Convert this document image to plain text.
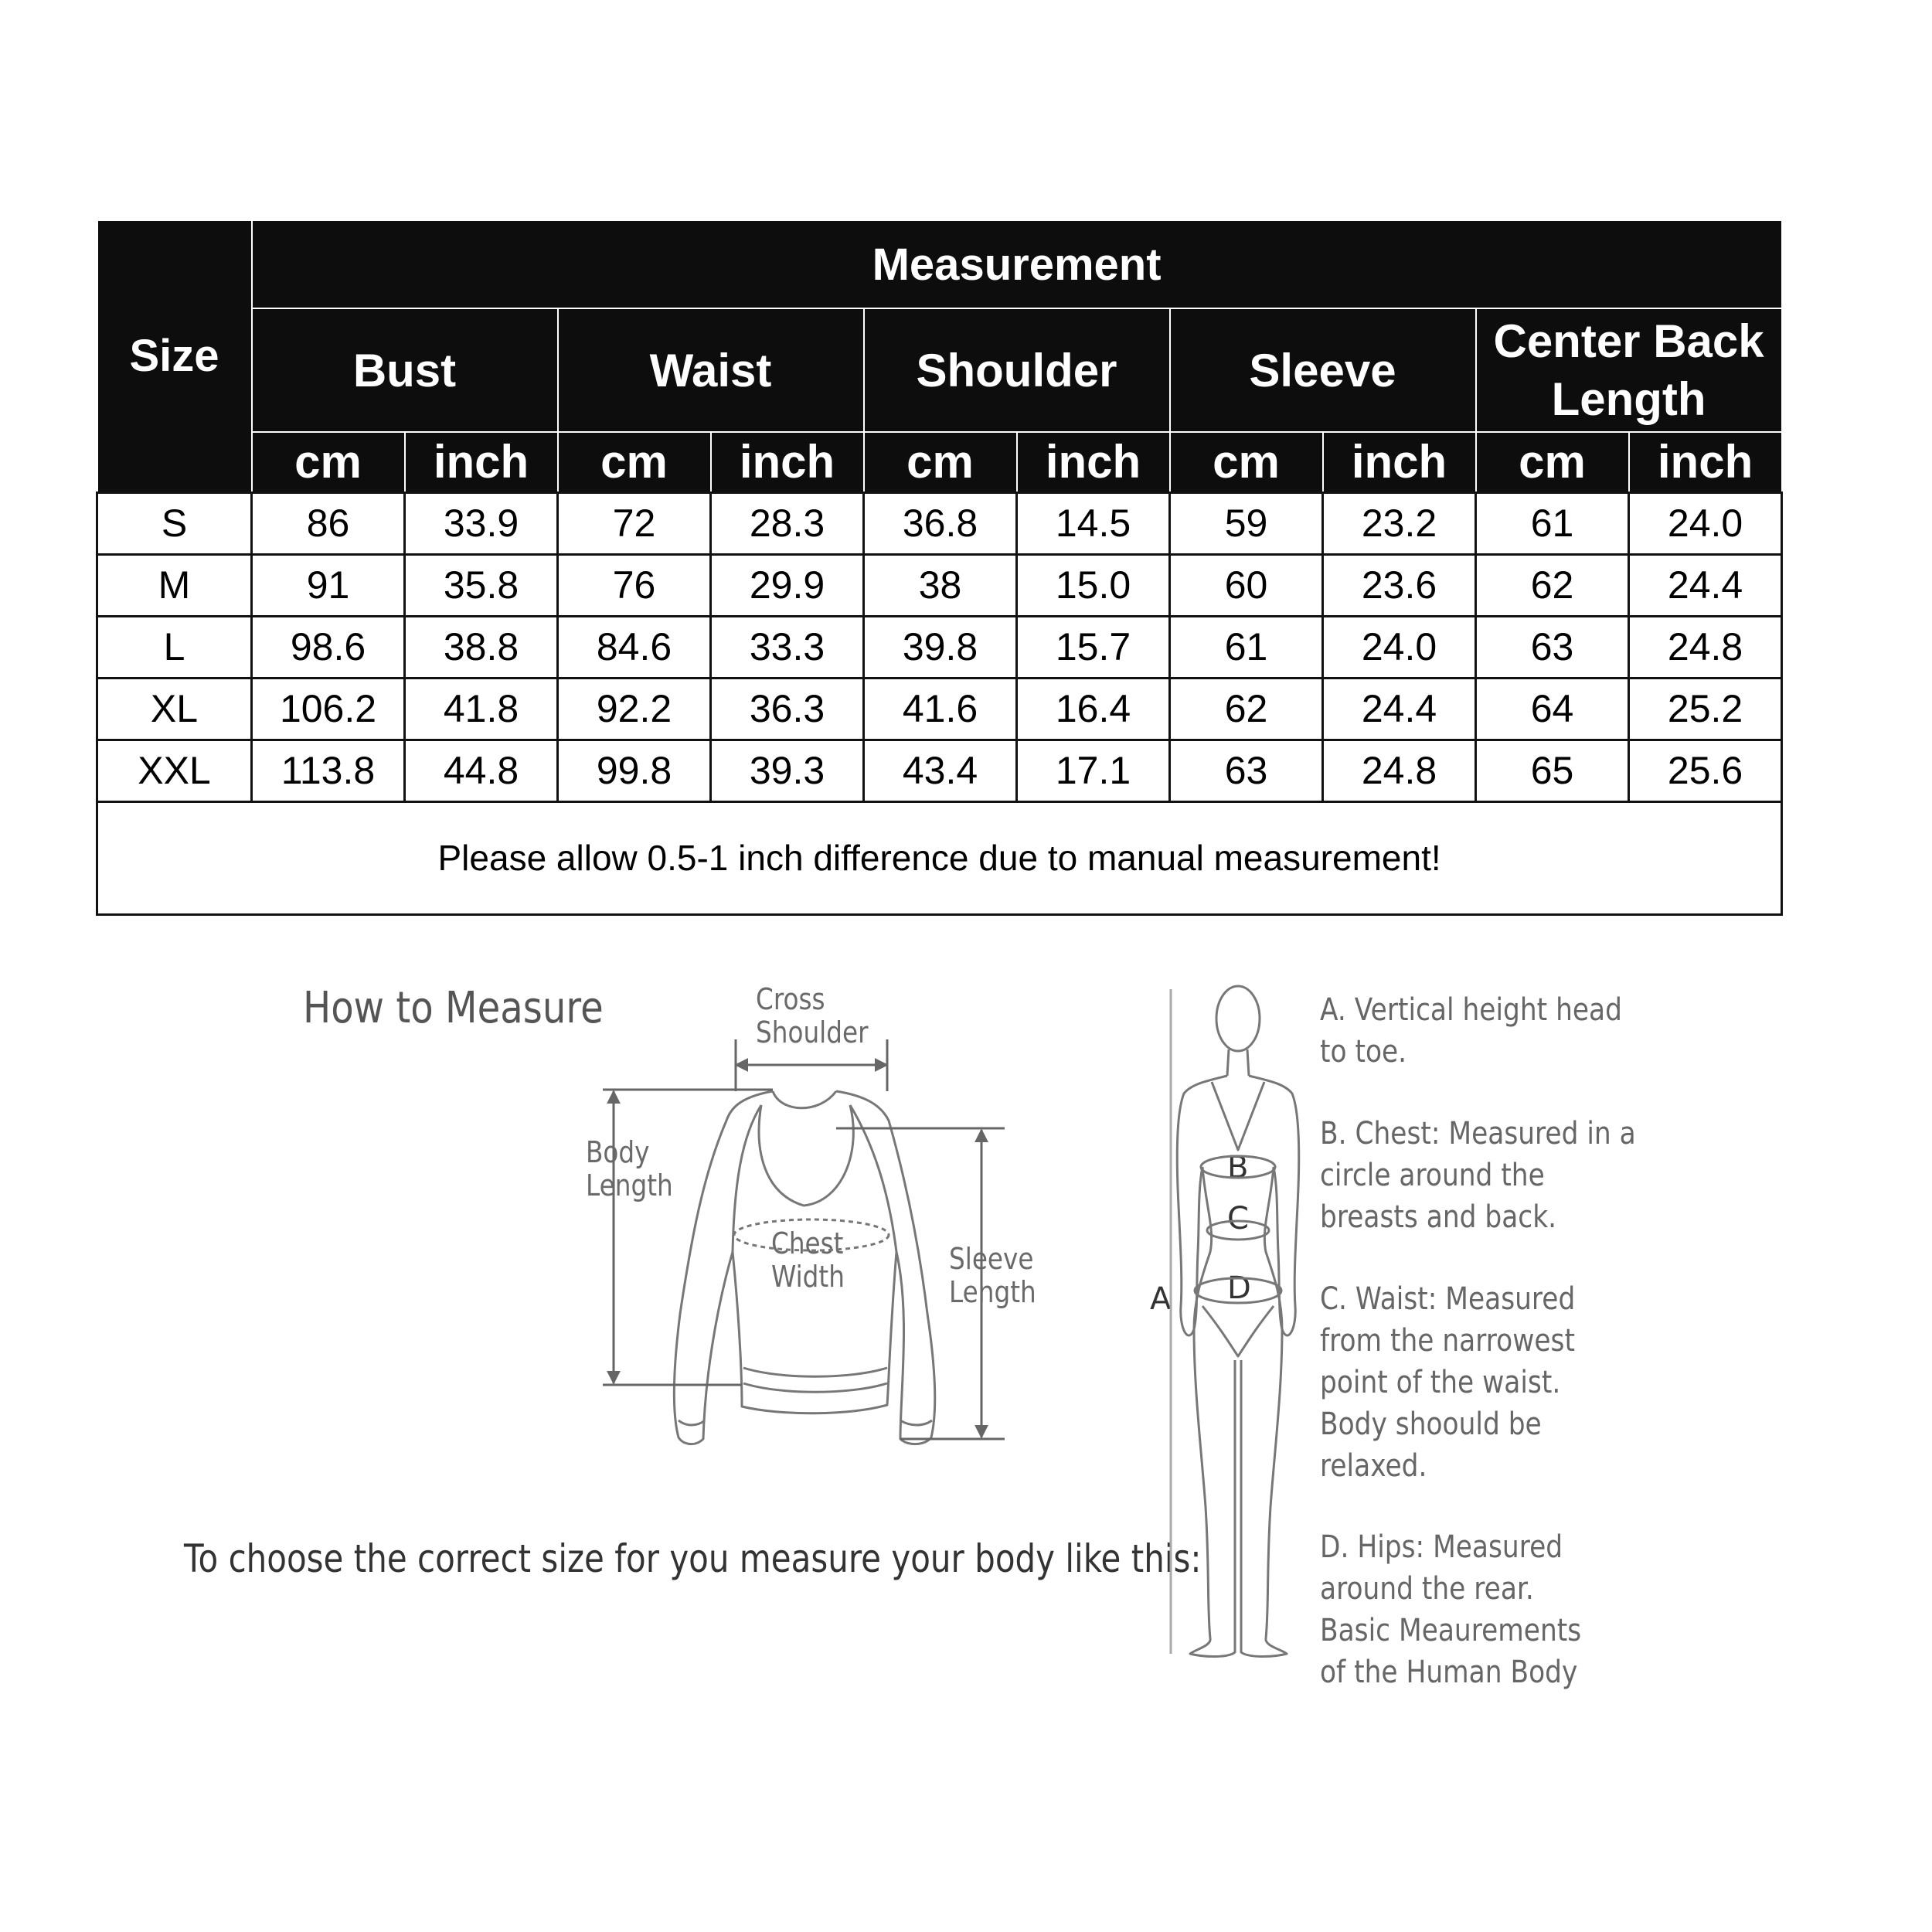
Size	Measurement									
	Bust		Waist		Shoulder		Sleeve		Center Back
Length	
	cm	inch	cm	inch	cm	inch	cm	inch	cm	inch
S	86	33.9	72	28.3	36.8	14.5	59	23.2	61	24.0
M	91	35.8	76	29.9	38	15.0	60	23.6	62	24.4
L	98.6	38.8	84.6	33.3	39.8	15.7	61	24.0	63	24.8
XL	106.2	41.8	92.2	36.3	41.6	16.4	62	24.4	64	25.2
XXL	113.8	44.8	99.8	39.3	43.4	17.1	63	24.8	65	25.6
Please allow 0.5-1 inch difference due to manual measurement!										
How to Measure	Cross
Shoulder
Body
Length
Chest
Width
Sleeve
Length
To choose the correct size for you measure your body like this:
A
B
C
D
A. Vertical height head
to toe.
B. Chest: Measured in a
circle around the
breasts and back.
C. Waist: Measured
from the narrowest
point of the waist.
Body shoould be
relaxed.
D. Hips: Measured
around the rear.
Basic Meaurements
of the Human Body
